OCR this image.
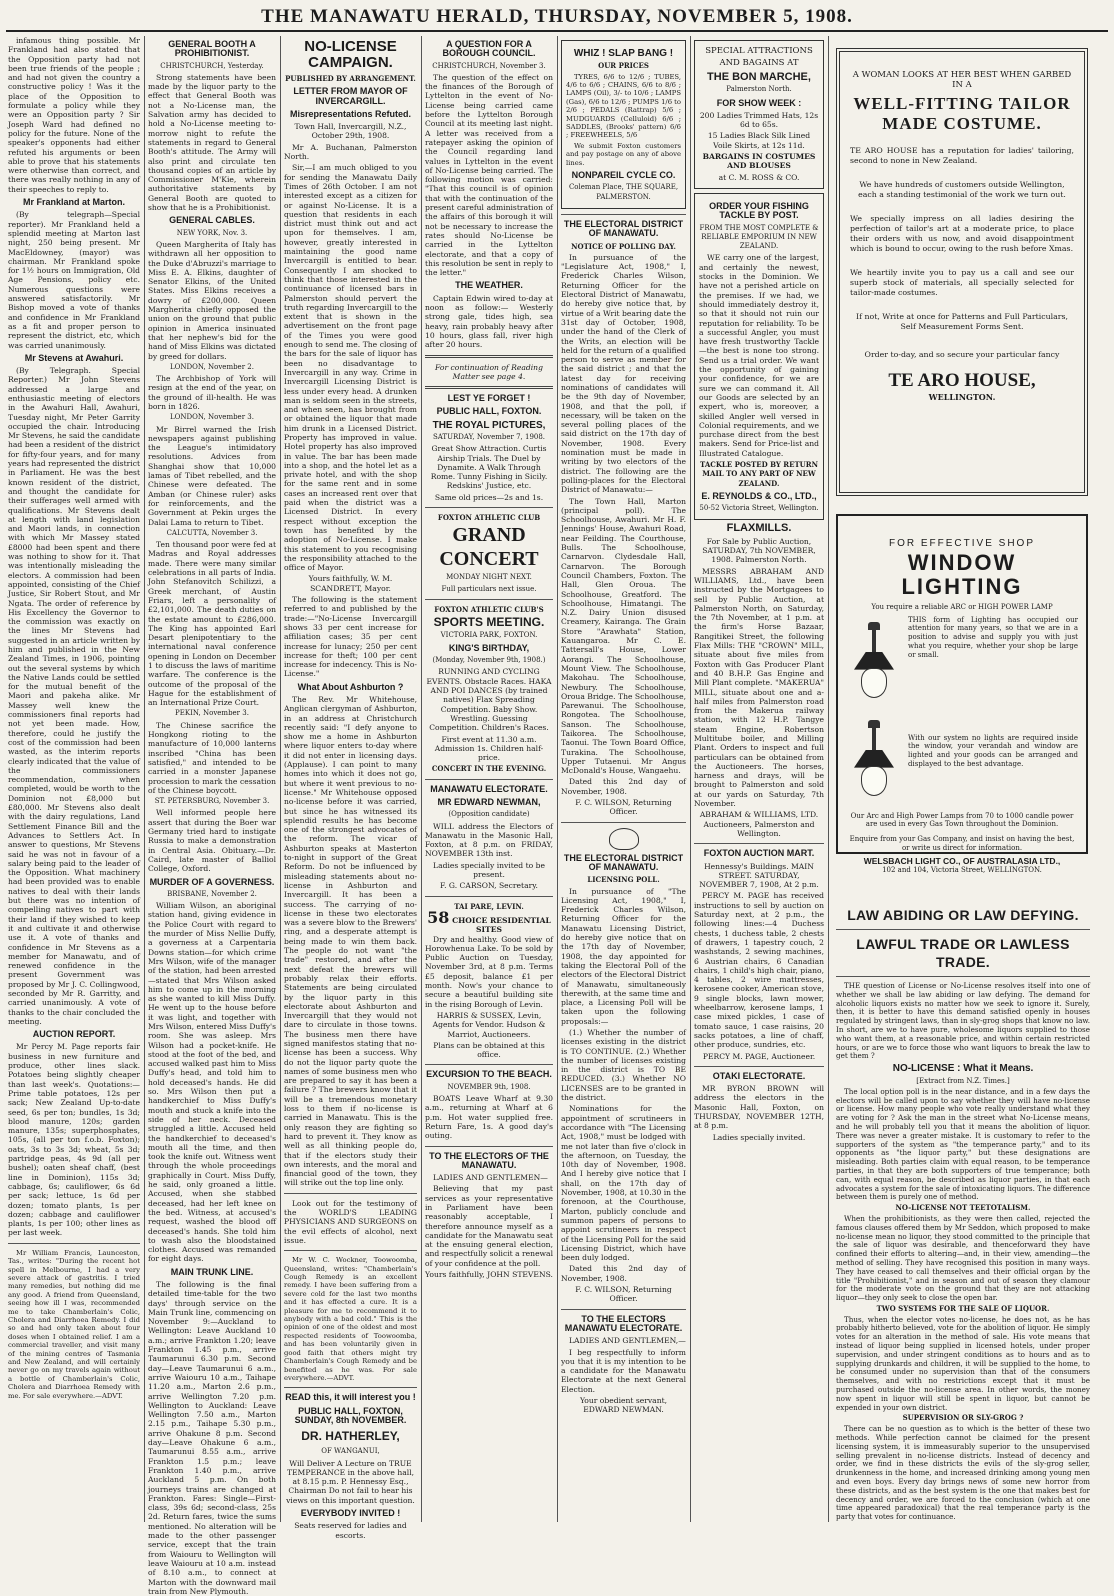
THE MANAWATU HERALD, THURSDAY, NOVEMBER 5, 1908.

infamous thing possible. Mr Frankland had also stated that the Opposition party had not been true friends of the people ; and had not given the country a constructive policy ! Was it the place of the Opposition to formulate a policy while they were an Opposition party ? Sir Joseph Ward had defined no policy for the future. None of the speaker's opponents had either refuted his arguments or been able to prove that his statements were otherwise than correct, and there was really nothing in any of their speeches to reply to.

Mr Frankland at Marton.

(By telegraph—Special reporter). Mr Frankland held a splendid meeting at Marton last night, 250 being present. Mr MacEldowney, (mayor) was chairman. Mr Frankland spoke for 1½ hours on Immigration, Old Age Pensions, policy etc. Numerous questions were answered satisfactorily. Mr Bishop moved a vote of thanks and confidence in Mr Frankland as a fit and proper person to represent the district, etc, which was carried unanimously.

Mr Stevens at Awahuri.

(By Telegraph. Special Reporter.) Mr John Stevens addressed a large and enthusiastic meeting of electors in the Awahuri Hall, Awahuri, Tuesday night, Mr Peter Garrity occupied the chair. Introducing Mr Stevens, he said the candidate had been a resident of the district for fifty-four years, and for many years had represented the district in Parliament. He was the best known resident of the district, and thought the candidate for their sufferages well armed with qualifications. Mr Stevens dealt at length with land legislation and Maori lands, in connection with which Mr Massey stated £8000 had been spent and there was nothing to show for it. That was intentionally misleading the electors. A commission had been appointed, consisting of the Chief Justice, Sir Robert Stout, and Mr Ngata. The order of reference by His Excellency the Governor to the commission was exactly on the lines Mr Stevens had suggested in an article written by him and published in the New Zealand Times, in 1906, pointing out the several systems by which the Native Lands could be settled for the mutual benefit of the Maori and pakeha alike. Mr Massey well knew the commissioners final reports had not yet been made. How, therefore, could he justify the cost of the commission had been wasted, as the interim reports clearly indicated that the value of the commissioners recommendation, when completed, would be worth to the Dominion not £8,000 but £80,000. Mr Stevens also dealt with the dairy regulations, Land Settlement Finance Bill and the Advances to Settlers Act. In answer to questions, Mr Stevens said he was not in favour of a salary being paid to the leader of the Opposition. What machinery had been provided was to enable natives to deal with their lands but there was no intention of compelling natives to part with their land if they wished to keep it and cultivate it and otherwise use it. A vote of thanks and confidence in Mr Stevens as a member for Manawatu, and of renewed confidence in the present Government was proposed by Mr J. C. Collingwood, seconded by Mr R. Garritty, and carried unanimously. A vote of thanks to the chair concluded the meeting.

AUCTION REPORT.

Mr Percy M. Page reports fair business in new furniture and produce, other lines slack. Potatoes being slightly cheaper than last week's. Quotations:—Prime table potatoes, 12s per sack; New Zealand Up-to-date seed, 6s per ton; bundles, 1s 3d; blood manure, 120s; garden manure, 135s; superphosphates, 105s, (all per ton f.o.b. Foxton); oats, 3s to 3s 3d; wheat, 5s 3d; partridge peas, 4s 9d (all per bushel); oaten sheaf chaff, (best line in Dominion), 115s 3d; cabbage, 6s; cauliflower, 6s 6d per sack; lettuce, 1s 6d per dozen; tomato plants, 1s per dozen; cabbage and cauliflower plants, 1s per 100; other lines as per last week.

Mr William Francis, Launceston, Tas., writes: "During the recent hot spell in Melbourne, I had a very severe attack of gastritis. I tried many remedies, but nothing did me any good. A friend from Queensland, seeing how ill I was, recommended me to take Chamberlain's Colic, Cholera and Diarrhoea Remedy. I did so and had only taken about four doses when I obtained relief. I am a commercial traveller, and visit many of the mining centres of Tasmania and New Zealand, and will certainly never go on my travels again without a bottle of Chamberlain's Colic, Cholera and Diarrhoea Remedy with me. For sale everywhere.—ADVT.

GENERAL BOOTH A PROHIBITIONIST.
CHRISTCHURCH, Yesterday.

Strong statements have been made by the liquor party to the effect that General Booth was not a No-License man, the Salvation army has decided to hold a No-License meeting to-morrow night to refute the statements in regard to General Booth's attitude. The Army will also print and circulate ten thousand copies of an article by Commissioner M'Kie, wherein authoritative statements by General Booth are quoted to show that he is a Prohibitionist.

GENERAL CABLES.
NEW YORK, Nov. 3.

Queen Margherita of Italy has withdrawn all her opposition to the Duke d'Abruzzi's marriage to Miss E. A. Elkins, daughter of Senator Elkins, of the United States. Miss Elkins receives a dowry of £200,000. Queen Margherita chiefly opposed the union on the ground that public opinion in America insinuated that her nephew's bid for the hand of Miss Elkins was dictated by greed for dollars.

LONDON, November 2.

The Archbishop of York will resign at the end of the year, on the ground of ill-health. He was born in 1826.

LONDON, November 3.

Mr Birrel warned the Irish newspapers against publishing the League's intimidatory resolutions. Advices from Shanghai show that 10,000 lamas of Tibet rebelled, and the Chinese were defeated. The Amban (or Chinese ruler) asks for reinforcements, and the Government at Pekin urges the Dalai Lama to return to Tibet.

CALCUTTA, November 3.

Ten thousand poor were fed at Madras and Royal addresses made. There were many similar celebrations in all parts of India. John Stefanovitch Schilizzi, a Greek merchant, of Austin Friars, left a personality of £2,101,000. The death duties on the estate amount to £286,000. The King has appointed Earl Desart plenipotentiary to the international naval conference opening in London on December 1 to discuss the laws of maritime warfare. The conference is the outcome of the proposal of the Hague for the establishment of an International Prize Court.

PEKIN, November 3.

The Chinese sacrifice the Hongkong rioting to the manufacture of 10,000 lanterns inscribed "China has been satisfied," and intended to be carried in a monster Japanese procession to mark the cessation of the Chinese boycott.

ST. PETERSBURG, November 3.

Well informed people here assert that during the Boer war Germany tried hard to instigate Russia to make a demonstration in Central Asia. Obituary.—Dr. Caird, late master of Balliol College, Oxford.

MURDER OF A GOVERNESS.
BRISBANE, November 2.

William Wilson, an aboriginal station hand, giving evidence in the Police Court with regard to the murder of Miss Nellie Duffy, a governess at a Carpentaria Downs station—for which crime Mrs Wilson, wife of the manager of the station, had been arrested—stated that Mrs Wilson asked him to come up in the morning as she wanted to kill Miss Duffy. He went up to the house before it was light, and together with Mrs Wilson, entered Miss Duffy's room. She was asleep. Mrs Wilson had a pocket-knife. He stood at the foot of the bed, and accused walked past him to Miss Duffy's head, and told him to hold deceased's hands. He did so. Mrs Wilson then put a handkerchief to Miss Duffy's mouth and stuck a knife into the side of her neck. Deceased struggled a little. Accused held the handkerchief to deceased's mouth all the time, and then took the knife out. Witness went through the whole proceedings graphically in Court. Miss Duffy, he said, only groaned a little. Accused, when she stabbed deceased, had her left knee on the bed. Witness, at accused's request, washed the blood off deceased's hands. She told him to wash also the bloodstained clothes. Accused was remanded for eight days.

MAIN TRUNK LINE.

The following is the final detailed time-table for the two days' through service on the Main Trunk line, commencing on November 9:—Auckland to Wellington: Leave Auckland 10 a.m.; arrive Frankton 1.20; leave Frankton 1.45 p.m., arrive Taumarunui 6.30 p.m. Second day—Leave Taumarunui 6 a.m., arrive Waiouru 10 a.m., Taihape 11.20 a.m., Marton 2.6 p.m., arrive Wellington 7.20 p.m. Wellington to Auckland: Leave Wellington 7.50 a.m., Marton 2.15 p.m., Taihape 5.30 p.m., arrive Ohakune 8 p.m. Second day—Leave Ohakune 6 a.m., Taumarunui 8.55 a.m., arrive Frankton 1.5 p.m.; leave Frankton 1.40 p.m., arrive Auckland 5 p.m. On both journeys trains are changed at Frankton. Fares: Single—First-class, 39s 6d; second-class, 25s 2d. Return fares, twice the sums mentioned. No alteration will be made to the other passenger service, except that the train from Waiouru to Wellington will leave Waiouru at 10 a.m. instead of 8.10 a.m., to connect at Marton with the downward mail train from New Plymouth.

NO-LICENSE CAMPAIGN.
PUBLISHED BY ARRANGEMENT.
LETTER FROM MAYOR OF INVERCARGILL.
Misrepresentations Refuted.

Town Hall, Invercargill, N.Z., October 29th, 1908.

Mr A. Buchanan, Palmerston North.

Sir,—I am much obliged to you for sending the Manawatu Daily Times of 26th October. I am not interested except as a citizen for or against No-License. It is a question that residents in each district must think out and act upon for themselves. I am, however, greatly interested in maintaining the good name Invercargill is entitled to bear. Consequently I am shocked to think that those interested in the continuance of licensed bars in Palmerston should pervert the truth regarding Invercargill to the extent that is shown in the advertisement on the front page of the Times you were good enough to send me. The closing of the bars for the sale of liquor has been no disadvantage to Invercargill in any way. Crime in Invercargill Licensing District is less under every head. A drunken man is seldom seen in the streets, and when seen, has brought from or obtained the liquor that made him drunk in a Licensed District. Property has improved in value. Hotel property has also improved in value. The bar has been made into a shop, and the hotel let as a private hotel, and with the shop for the same rent and in some cases an increased rent over that paid when the district was a Licensed District. In every respect without exception the town has benefited by the adoption of No-License. I make this statement to you recognising the responsibility attached to the office of Mayor.

Yours faithfully, W. M. SCANDRETT, Mayor.

The following is the statement referred to and published by the trade:—"No-License Invercargill shows 33 per cent increase for affiliation cases; 35 per cent increase for lunacy; 250 per cent increase for theft; 100 per cent increase for indecency. This is No-License."

What About Ashburton ?

The Rev. Mr Whitehouse, Anglican clergyman of Ashburton, in an address at Christchurch recently said: "I defy anyone to show me a home in Ashburton where liquor enters to-day where it did not enter in licensing days. (Applause). I can point to many homes into which it does not go, but where it went previous to no-license." Mr Whitehouse opposed no-license before it was carried, but since he has witnessed its splendid results he has become one of the strongest advocates of the reform. The vicar of Ashburton speaks at Masterton to-night in support of the Great Reform. Do not be influenced by misleading statements about no-license in Ashburton and Invercargill. It has been a success. The carrying of no-license in these two electorates was a severe blow to the Brewers' ring, and a desperate attempt is being made to win them back. The people do not want "the trade" restored, and after the next defeat the brewers will probably relax their efforts. Statements are being circulated by the liquor party in this electorate about Ashburton and Invercargill that they would not dare to circulate in those towns. The business men there have signed manifestos stating that no-license has been a success. Why do not the liquor party quote the names of some business men who are prepared to say it has been a failure ? The brewers know that it will be a tremendous monetary loss to them if no-license is carried in Manawatu. This is the only reason they are fighting so hard to prevent it. They know as well as all thinking people do, that if the electors study their own interests, and the moral and financial good of the town, they will strike out the top line only.

Look out for the testimony of the WORLD'S LEADING PHYSICIANS AND SURGEONS on the evil effects of alcohol, next issue.

Mr W. C. Wockner, Toowoomba, Queensland, writes: "Chamberlain's Cough Remedy is an excellent remedy. I have been suffering from a severe cold for the last two months and it has effected a cure. It is a pleasure for me to recommend it to anybody with a bad cold." This is the opinion of one of the oldest and most respected residents of Toowoomba, and has been voluntarily given in good faith that others might try Chamberlain's Cough Remedy and be benefited as he was. For sale everywhere.—ADVT.

READ this, it will interest you !
PUBLIC HALL, FOXTON, SUNDAY, 8th NOVEMBER.
DR. HATHERLEY,
OF WANGANUI,

Will Deliver A Lecture on TRUE TEMPERANCE in the above hall, at 8.15 p.m. P. Hennessy Esq., Chairman Do not fail to hear his views on this important question.

EVERYBODY INVITED !

Seats reserved for ladies and escorts.

A QUESTION FOR A BOROUGH COUNCIL.
CHRISTCHURCH, November 3.

The question of the effect on the finances of the Borough of Lyttelton in the event of No-License being carried came before the Lyttelton Borough Council at its meeting last night. A letter was received from a ratepayer asking the opinion of the Council regarding land values in Lyttelton in the event of No-License being carried. The following motion was carried: "That this council is of opinion that with the continuation of the present careful administration of the affairs of this borough it will not be necessary to increase the rates should No-License be carried in the Lyttelton electorate, and that a copy of this resolution be sent in reply to the letter."

THE WEATHER.

Captain Edwin wired to-day at noon as follow:— Westerly strong gale, tides high, sea heavy, rain probably heavy after 10 hours, glass fall, river high after 20 hours.

For continuation of Reading Matter see page 4.

LEST YE FORGET !
PUBLIC HALL, FOXTON.
THE ROYAL PICTURES,
SATURDAY, November 7, 1908.

Great Show Attraction. Curtis Airship Trials. The Duel by Dynamite. A Walk Through Rome. Tunny Fishing in Sicily. Redskins' Justice, etc.

Same old prices—2s and 1s.

FOXTON ATHLETIC CLUB
GRAND
CONCERT
MONDAY NIGHT NEXT.
Full particulars next issue.
FOXTON ATHLETIC CLUB'S
SPORTS MEETING.
VICTORIA PARK, FOXTON.
KING'S BIRTHDAY,
(Monday, November 9th, 1908.)

RUNNING AND CYCLING EVENTS. Obstacle Races. HAKA AND POI DANCES (by trained natives) Flax Spreading Competition. Baby Show. Wrestling. Guessing Competition. Children's Races.

First event at 11.30 a.m. Admission 1s. Children half-price.

CONCERT IN THE EVENING.
MANAWATU ELECTORATE.
MR EDWARD NEWMAN,
(Opposition candidate)

WILL address the Electors of Manawatu in the Masonic Hall, Foxton, at 8 p.m. on FRIDAY, NOVEMBER 13th inst.

Ladies specially invited to be present.

F. G. CARSON, Secretary.

TAI PARE, LEVIN.
58 CHOICE RESIDENTIAL SITES

Dry and healthy. Good view of Horowhenua Lake. To be sold by Public Auction on Tuesday, November 3rd, at 8 p.m. Terms £5 deposit, balance £1 per month. Now's your chance to secure a beautiful building site in the rising Borough of Levin.

HARRIS & SUSSEX, Levin, Agents for Vendor. Hudson & Marriot, Auctioneers.

Plans can be obtained at this office.

EXCURSION TO THE BEACH.
NOVEMBER 9th, 1908.

BOATS Leave Wharf at 9.30 a.m., returning at Wharf at 6 p.m. Hot water supplied free. Return Fare, 1s. A good day's outing.

TO THE ELECTORS OF THE MANAWATU.

LADIES AND GENTLEMEN—

Believing that my past services as your representative in Parliament have been reasonably acceptable, I therefore announce myself as a candidate for the Manawatu seat at the ensuing general election, and respectfully solicit a renewal of your confidence at the poll.

Yours faithfully, JOHN STEVENS.

WHIZ ! SLAP BANG !
OUR PRICES

TYRES, 6/6 to 12/6 ; TUBES, 4/6 to 6/6 ; CHAINS, 6/6 to 8/6 ; LAMPS (Oil), 3/- to 10/6 ; LAMPS (Gas), 6/6 to 12/6 ; PUMPS 1/6 to 2/6 ; PEDALS (Rattrap) 5/6 ; MUDGUARDS (Celluloid) 6/6 ; SADDLES, (Brooks' pattern) 6/6 ; FREEWHEELS, 5/6

We submit Foxton customers and pay postage on any of above lines.

NONPAREIL CYCLE CO.
Coleman Place, THE SQUARE, PALMERSTON.
THE ELECTORAL DISTRICT OF MANAWATU.
NOTICE OF POLLING DAY.

In pursuance of the "Legislature Act, 1908," I, Frederick Charles Wilson, Returning Officer for the Electoral District of Manawatu, do hereby give notice that, by virtue of a Writ bearing date the 31st day of October, 1908, under the hand of the Clerk of the Writs, an election will be held for the return of a qualified person to serve as member for the said district ; and that the latest day for receiving nominations of candidates will be the 9th day of November, 1908, and that the poll, if necessary, will be taken on the several polling places of the said district on the 17th day of November, 1908. Every nomination must be made in writing by two electors of the district. The following are the polling-places for the Electoral District of Manawatu:—

The Town Hall, Marton (principal poll). The Schoolhouse, Awahuri. Mr H. F. Jennings' House, Awahuri Road, near Feilding. The Courthouse, Bulls. The Schoolhouse, Carnarvon. Clydesdale Hall, Carnarvon. The Borough Council Chambers, Foxton. The Hall, Glen Oroua. The Schoolhouse, Greatford. The Schoolhouse, Himatangi. The N.Z. Dairy Union disused Creamery, Kairanga. The Grain Store "Arawhata" Station, Kauangaroa. Mr C. E. Tattersall's House, Lower Aorangi. The Schoolhouse, Mount View. The Schoolhouse, Makohau. The Schoolhouse, Newbury. The Schoolhouse, Oroua Bridge. The Schoolhouse, Parewanui. The Schoolhouse, Rongotea. The Schoolhouse, Sanson. The Schoolhouse, Taikorea. The Schoolhouse, Taonui. The Town Board Office, Turakina. The Schoolhouse, Upper Tutaenui. Mr Angus McDonald's House, Wangaehu.

Dated this 2nd day of November, 1908.

F. C. WILSON, Returning Officer.

THE ELECTORAL DISTRICT OF MANAWATU.
LICENSING POLL.

In pursuance of "The Licensing Act, 1908," I, Frederick Charles Wilson, Returning Officer for the Manawatu Licensing District, do hereby give notice that on the 17th day of November, 1908, the day appointed for taking the Electoral Poll of the electors of the Electoral District of Manawatu, simultaneously therewith, at the same time and place, a Licensing Poll will be taken upon the following proposals:—

(1.) Whether the number of licenses existing in the district is TO CONTINUE. (2.) Whether the number of licenses existing in the district is TO BE REDUCED. (3.) Whether NO LICENSES are to be granted in the district.

Nominations for the appointment of scrutineers in accordance with "The Licensing Act, 1908," must be lodged with me not later than five o'clock in the afternoon, on Tuesday, the 10th day of November, 1908. And I hereby give notice that I shall, on the 17th day of November, 1908, at 10.30 in the forenoon, at the Courthouse, Marton, publicly conclude and summon papers of persons to appoint scrutineers in respect of the Licensing Poll for the said Licensing District, which have been duly lodged.

Dated this 2nd day of November, 1908.

F. C. WILSON, Returning Officer.

TO THE ELECTORS MANAWATU ELECTORATE.

LADIES AND GENTLEMEN,—

I beg respectfully to inform you that it is my intention to be a candidate for the Manawatu Electorate at the next General Election.

Your obedient servant, EDWARD NEWMAN.

SPECIAL ATTRACTIONS AND BAGAINS AT

THE BON MARCHE,
Palmerston North.
FOR SHOW WEEK :

200 Ladies Trimmed Hats, 12s 6d to 65s.

15 Ladies Black Silk Lined Voile Skirts, at 12s 11d.

BARGAINS IN COSTUMES AND BLOUSES

at C. M. ROSS & CO.

ORDER YOUR FISHING TACKLE BY POST.
FROM THE MOST COMPLETE & RELIABLE EMPORIUM IN NEW ZEALAND.

WE carry one of the largest, and certainly the newest, stocks in the Dominion. We have not a perished article on the premises. If we had, we should immediately destroy it, so that it should not ruin our reputation for reliability. To be a successful Angler, you must have fresh trustworthy Tackle—the best is none too strong. Send us a trial order. We want the opportunity of gaining your confidence, for we are sure we can command it. All our Goods are selected by an expert, who is, moreover, a skilled Angler well versed in Colonial requirements, and we purchase direct from the best makers. Send for Price-list and Illustrated Catalogue.

TACKLE POSTED BY RETURN MAIL TO ANY PART OF NEW ZEALAND.
E. REYNOLDS & CO., LTD.,
50-52 Victoria Street, Wellington.
FLAXMILLS.

For Sale by Public Auction, SATURDAY, 7th NOVEMBER, 1908. Palmerston North.

MESSRS ABRAHAM AND WILLIAMS, Ltd., have been instructed by the Mortgagees to sell by Public Auction, at Palmerston North, on Saturday, the 7th November, at 1 p.m. at the firm's Horse Bazaar, Rangitikei Street, the following Flax Mills: THE "CROWN" MILL, situate about five miles from Foxton with Gas Producer Plant and 40 B.H.P. Gas Engine and Mill Plant complete. "MAKERUA" MILL, situate about one and a-half miles from Palmerston road from the Makerua railway station, with 12 H.P. Tangye steam Engine, Robertson Multitube boiler, and Milling Plant. Orders to inspect and full particulars can be obtained from the Auctioneers. The horses, harness and drays, will be brought to Palmerston and sold at our yards on Saturday, 7th November.

ABRAHAM & WILLIAMS, LTD. Auctioneers, Palmerston and Wellington.

FOXTON AUCTION MART.

Hennessy's Buildings. MAIN STREET. SATURDAY, NOVEMBER 7, 1908, At 2 p.m.

PERCY M. PAGE has received instructions to sell by auction on Saturday next, at 2 p.m., the following lines:—4 Duchess chests, 1 duchess table, 2 chests of drawers, 1 tapestry couch, 2 washstands, 2 sewing machines, 6 Austrian chairs, 6 Canadian chairs, 1 child's high chair, piano, 4 tables, 2 wire mattresses, kerosene cooker, American stove, 9 single blocks, lawn mower, wheelbarrow, kerosene lamps, 1 case mixed pickles, 1 case of tomato sauce, 1 case raisins, 20 sacks potatoes, a line of chaff, other produce, sundries, etc.

PERCY M. PAGE, Auctioneer.

OTAKI ELECTORATE.

MR BYRON BROWN will address the electors in the Masonic Hall, Foxton, on THURSDAY, NOVEMBER 12TH, at 8 p.m.

Ladies specially invited.

A WOMAN LOOKS AT HER BEST WHEN GARBED IN A

WELL-FITTING TAILOR MADE COSTUME.

TE ARO HOUSE has a reputation for ladies' tailoring, second to none in New Zealand.

We have hundreds of customers outside Wellington, each a standing testimonial of the work we turn out.

We specially impress on all ladies desiring the perfection of tailor's art at a moderate price, to place their orders with us now, and avoid disappointment which is bound to occur, owing to the rush before Xmas.

We heartily invite you to pay us a call and see our superb stock of materials, all specially selected for tailor-made costumes.

If not, Write at once for Patterns and Full Particulars, Self Measurement Forms Sent.

Order to-day, and so secure your particular fancy

TE ARO HOUSE,
WELLINGTON.
FOR EFFECTIVE SHOP
WINDOW LIGHTING

You require a reliable ARC or HIGH POWER LAMP

THIS form of Lighting has occupied our attention for many years, so that we are in a position to advise and supply you with just what you require, whether your shop be large or small.

With our system no lights are required inside the window, your verandah and window are lighted and your goods can be arranged and displayed to the best advantage.

Our Arc and High Power Lamps from 70 to 1000 candle power are used in every Gas Town throughout the Dominion.

Enquire from your Gas Company, and insist on having the best, or write us direct for information.

WELSBACH LIGHT CO., OF AUSTRALASIA LTD.,
102 and 104, Victoria Street, WELLINGTON.
LAW ABIDING OR LAW DEFYING.
LAWFUL TRADE OR LAWLESS TRADE.

THE question of License or No-License resolves itself into one of whether we shall be law abiding or law defying. The demand for alcoholic liquors exists no matter how we seek to ignore it. Surely, then, it is better to have this demand satisfied openly in houses regulated by stringent laws, than in sly-grog shops that know no law. In short, are we to have pure, wholesome liquors supplied to those who want them, at a reasonable price, and within certain restricted hours, or are we to force those who want liquors to break the law to get them ?

NO-LICENSE : What it Means.
[Extract from N.Z. Times.]

The local option poll is in the near distance, and in a few days the electors will be called upon to say whether they will have no-license or license. How many people who vote really understand what they are voting for ? Ask the man in the street what No-License means, and he will probably tell you that it means the abolition of liquor. There was never a greater mistake. It is customary to refer to the supporters of the system as "the temperance party," and to its opponents as "the liquor party," but these designations are misleading. Both parties claim with equal reason, to be temperance parties, in that they are both supporters of true temperance; both can, with equal reason, be described as liquor parties, in that each advocates a system for the sale of intoxicating liquors. The difference between them is purely one of method.

NO-LICENSE NOT TEETOTALISM.

When the prohibitionists, as they were then called, rejected the famous clauses offered them by Mr Seddon, which proposed to make no-license mean no liquor, they stood committed to the principle that the sale of liquor was desirable, and thenceforward they have confined their efforts to altering—and, in their view, amending—the method of selling. They have recognised this position in many ways. They have ceased to call themselves and their official organ by the title "Prohibitionist," and in season and out of season they clamour for the moderate vote on the ground that they are not attacking liquor—they only seek to close the open bar.

TWO SYSTEMS FOR THE SALE OF LIQUOR.

Thus, when the elector votes no-license, he does not, as he has probably hitherto believed, vote for the abolition of liquor. He simply votes for an alteration in the method of sale. His vote means that instead of liquor being supplied in licensed hotels, under proper supervision, and under stringent conditions as to hours and as to supplying drunkards and children, it will be supplied to the home, to be consumed under no supervision than that of the consumers themselves, and with no restrictions except that it must be purchased outside the no-license area. In other words, the money now spent in liquor will still be spent in liquor, but cannot be expended in your own district.

SUPERVISION OR SLY-GROG ?

There can be no question as to which is the better of these two methods. While perfection cannot be claimed for the present licensing system, it is immeasurably superior to the unsupervised selling prevalent in no-license districts. Instead of decency and order, we find in these districts the evils of the sly-grog seller, drunkenness in the home, and increased drinking among young men and even boys. Every day brings news of some new horror from these districts, and as the best system is the one that makes best for decency and order, we are forced to the conclusion (which at one time appeared paradoxical) that the real temperance party is the party that votes for continuance.
